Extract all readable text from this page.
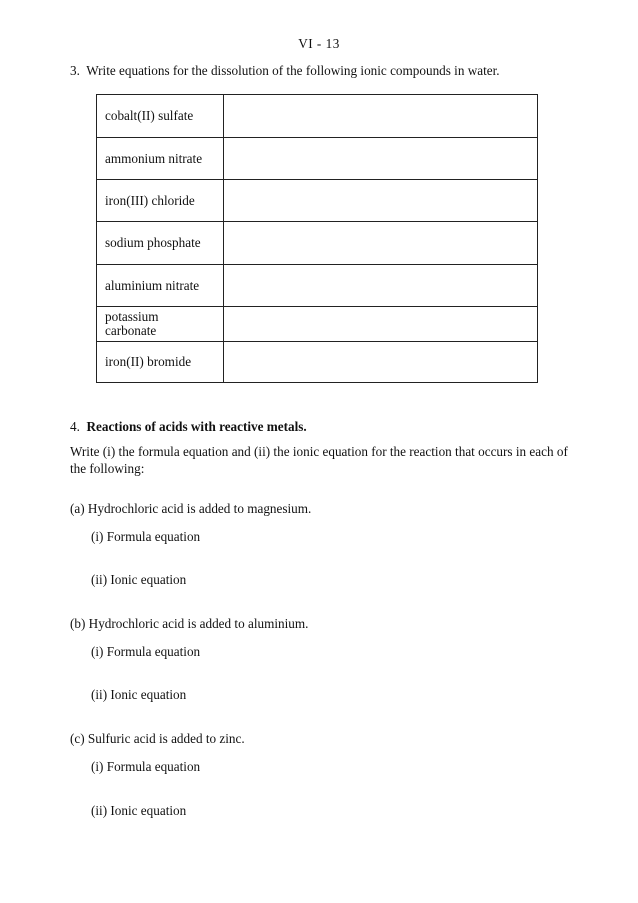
VI - 13
3. Write equations for the dissolution of the following ionic compounds in water.
cobalt(II) sulfate	
ammonium nitrate	
iron(III) chloride	
sodium phosphate	
aluminium nitrate	

potassium carbonate	

iron(II) bromide	
4. Reactions of acids with reactive metals.
Write (i) the formula equation and (ii) the ionic equation for the reaction that occurs in each of the following:
(a) Hydrochloric acid is added to magnesium.
(i) Formula equation
(ii) Ionic equation
(b) Hydrochloric acid is added to aluminium.
(i) Formula equation
(ii) Ionic equation
(c) Sulfuric acid is added to zinc.
(i) Formula equation
(ii) Ionic equation
